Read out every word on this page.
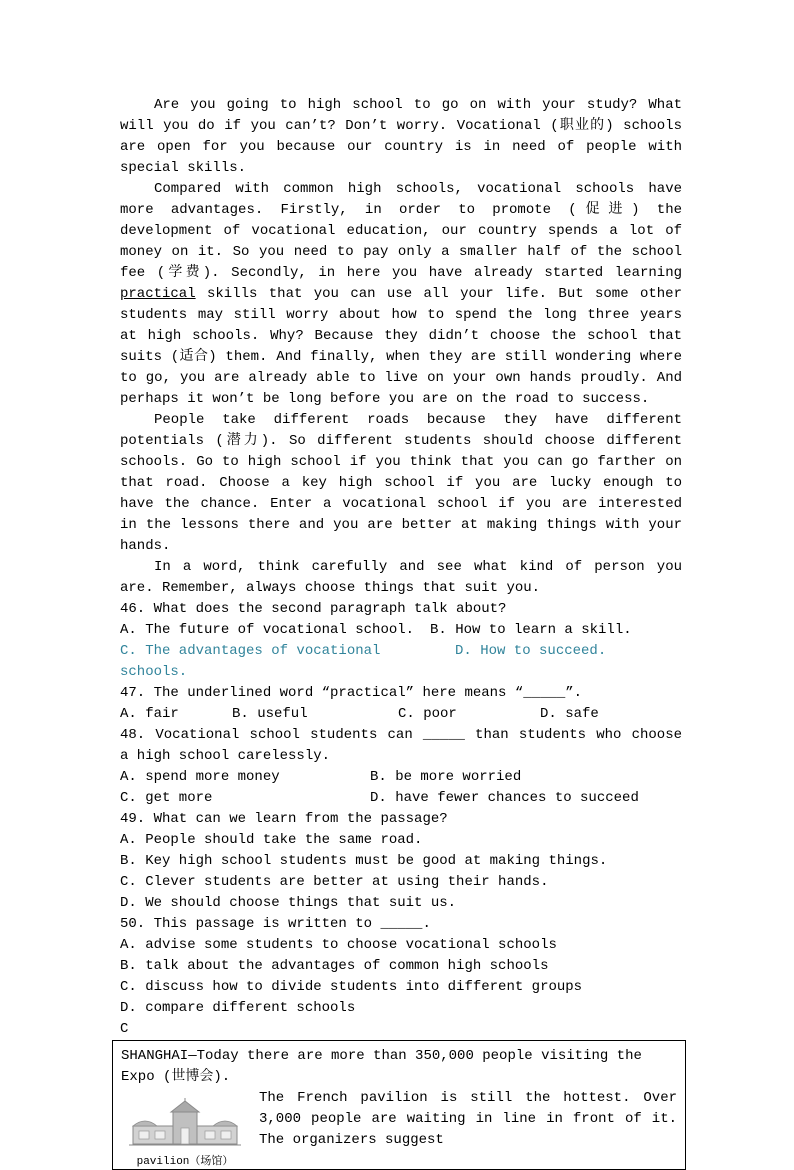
Are you going to high school to go on with your study? What will you do if you can’t? Don’t worry. Vocational (职业的) schools are open for you because our country is in need of people with special skills.
Compared with common high schools, vocational schools have more advantages. Firstly, in order to promote (促进) the development of vocational education, our country spends a lot of money on it. So you need to pay only a smaller half of the school fee (学费). Secondly, in here you have already started learning practical skills that you can use all your life. But some other students may still worry about how to spend the long three years at high schools. Why? Because they didn’t choose the school that suits (适合) them. And finally, when they are still wondering where to go, you are already able to live on your own hands proudly. And perhaps it won’t be long before you are on the road to success.
People take different roads because they have different potentials (潜力). So different students should choose different schools. Go to high school if you think that you can go farther on that road. Choose a key high school if you are lucky enough to have the chance. Enter a vocational school if you are interested in the lessons there and you are better at making things with your hands.
In a word, think carefully and see what kind of person you are. Remember, always choose things that suit you.
46. What does the second paragraph talk about?
A. The future of vocational school.	B. How to learn a skill.
C. The advantages of vocational schools.
D. How to succeed.
47. The underlined word “practical” here means “_____”.
A. fair	B. useful	C. poor	D. safe
48. Vocational school students can _____ than students who choose a high school carelessly.
A. spend more money	B. be more worried
C. get more	D. have fewer chances to succeed
49. What can we learn from the passage?
A. People should take the same road.
B. Key high school students must be good at making things.
C. Clever students are better at using their hands.
D. We should choose things that suit us.
50. This passage is written to _____.
A. advise some students to choose vocational schools
B. talk about the advantages of common high schools
C. discuss how to divide students into different groups
D. compare different schools
C
SHANGHAI—Today there are more than 350,000 people visiting the Expo (世博会).
pavilion（场馆）
The French pavilion is still the hottest. Over 3,000 people are waiting in line in front of it. The organizers suggest
